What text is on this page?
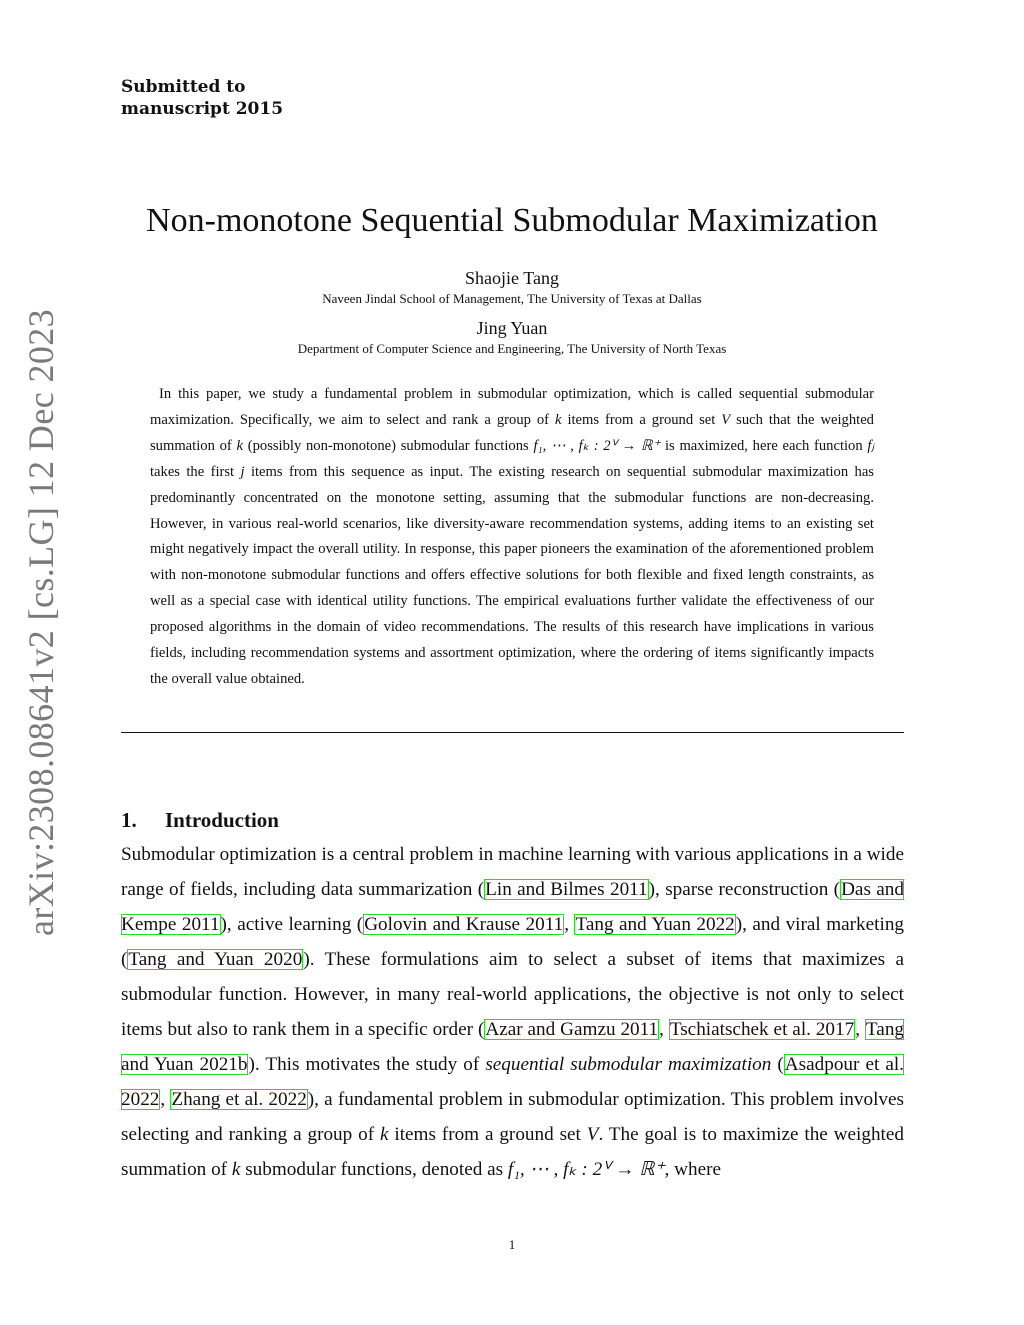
Submitted to
manuscript 2015
arXiv:2308.08641v2 [cs.LG] 12 Dec 2023
Non-monotone Sequential Submodular Maximization
Shaojie Tang
Naveen Jindal School of Management, The University of Texas at Dallas
Jing Yuan
Department of Computer Science and Engineering, The University of North Texas
In this paper, we study a fundamental problem in submodular optimization, which is called sequential submodular maximization. Specifically, we aim to select and rank a group of k items from a ground set V such that the weighted summation of k (possibly non-monotone) submodular functions f₁, ⋯ , fₖ : 2ⱽ → ℝ⁺ is maximized, here each function fⱼ takes the first j items from this sequence as input. The existing research on sequential submodular maximization has predominantly concentrated on the monotone setting, assuming that the submodular functions are non-decreasing. However, in various real-world scenarios, like diversity-aware recommendation systems, adding items to an existing set might negatively impact the overall utility. In response, this paper pioneers the examination of the aforementioned problem with non-monotone submodular functions and offers effective solutions for both flexible and fixed length constraints, as well as a special case with identical utility functions. The empirical evaluations further validate the effectiveness of our proposed algorithms in the domain of video recommendations. The results of this research have implications in various fields, including recommendation systems and assortment optimization, where the ordering of items significantly impacts the overall value obtained.
1. Introduction
Submodular optimization is a central problem in machine learning with various applications in a wide range of fields, including data summarization (Lin and Bilmes 2011), sparse reconstruction (Das and Kempe 2011), active learning (Golovin and Krause 2011, Tang and Yuan 2022), and viral marketing (Tang and Yuan 2020). These formulations aim to select a subset of items that maximizes a submodular function. However, in many real-world applications, the objective is not only to select items but also to rank them in a specific order (Azar and Gamzu 2011, Tschiatschek et al. 2017, Tang and Yuan 2021b). This motivates the study of sequential submodular maximization (Asadpour et al. 2022, Zhang et al. 2022), a fundamental problem in submodular optimization. This problem involves selecting and ranking a group of k items from a ground set V. The goal is to maximize the weighted summation of k submodular functions, denoted as f₁, ⋯ , fₖ : 2ⱽ → ℝ⁺, where
1
